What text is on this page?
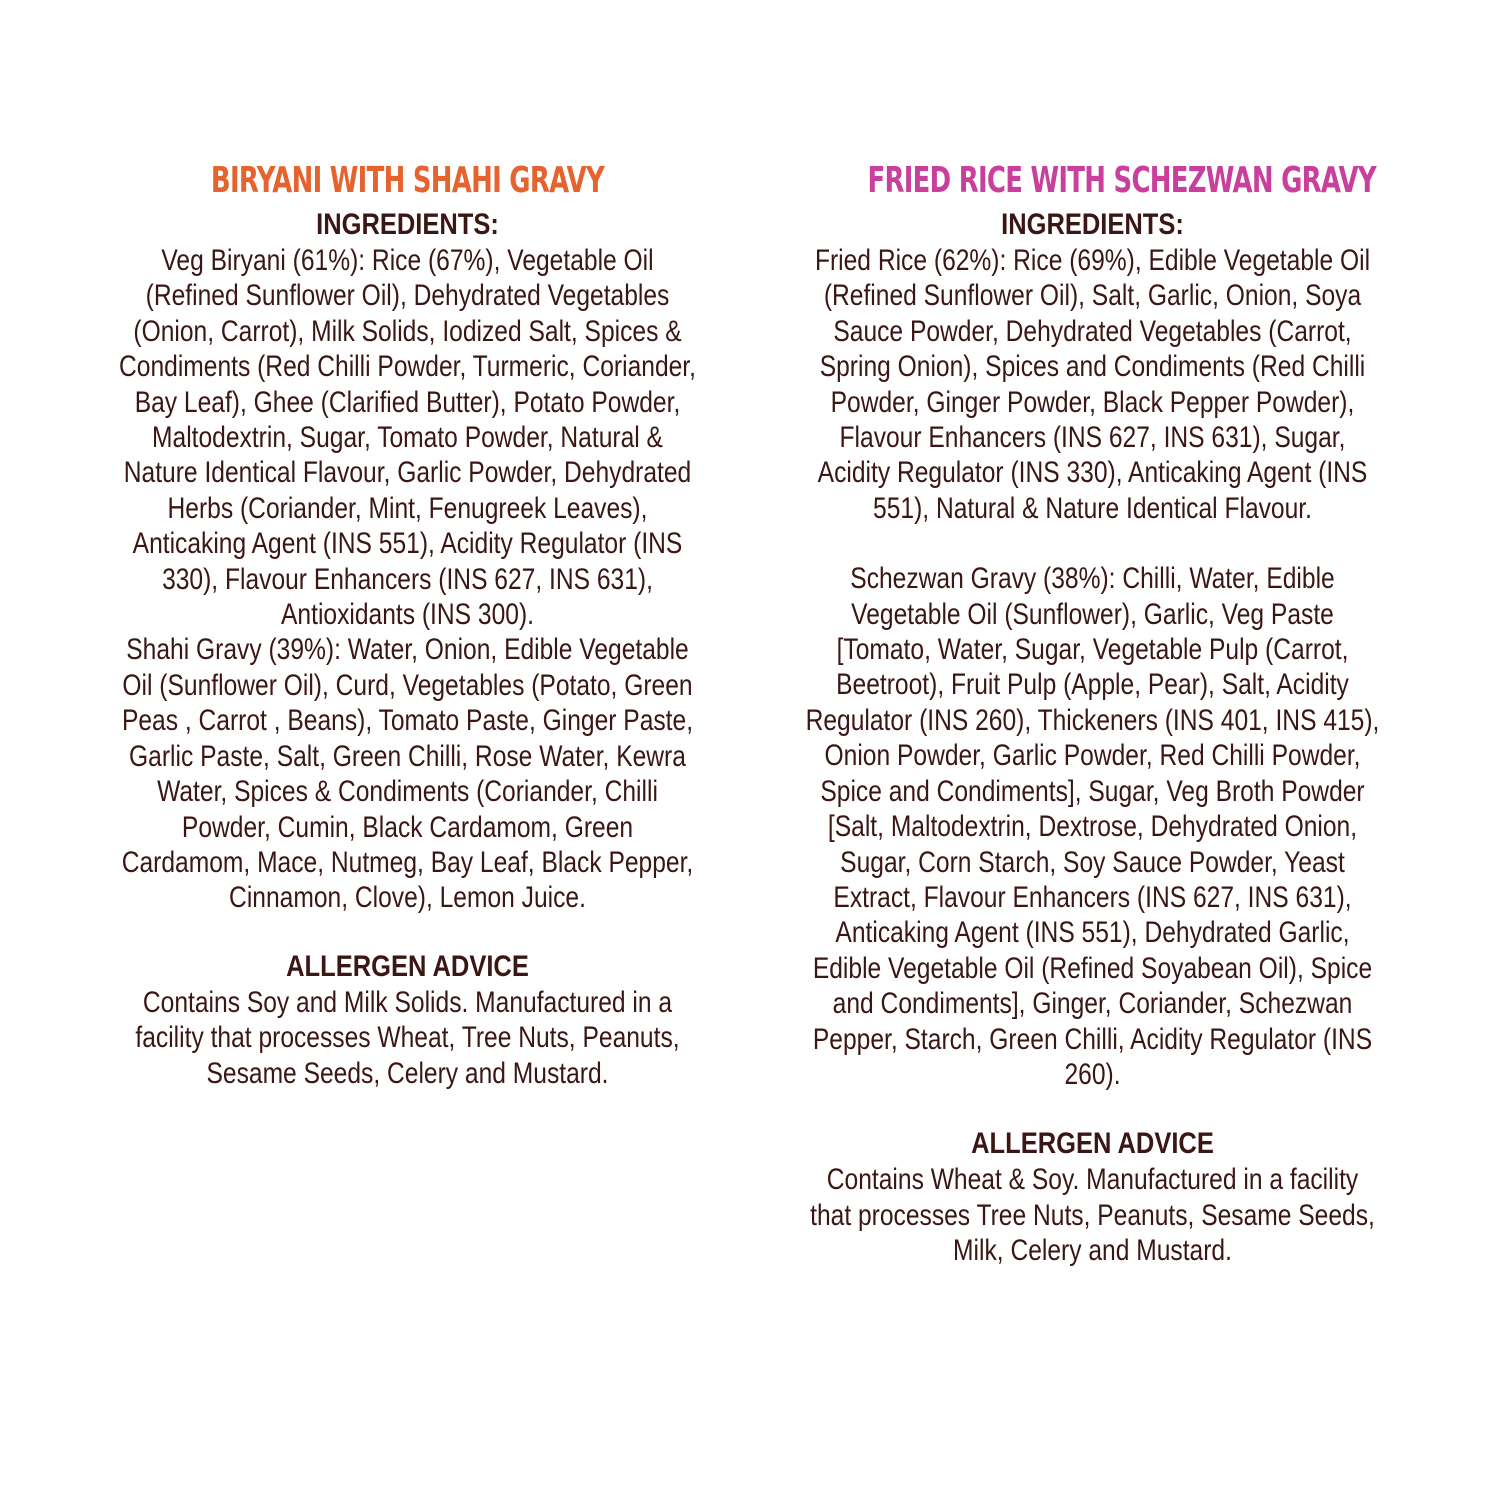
BIRYANI WITH SHAHI GRAVY
INGREDIENTS:

Veg Biryani (61%): Rice (67%), Vegetable Oil (Refined Sunflower Oil), Dehydrated Vegetables (Onion, Carrot), Milk Solids, Iodized Salt, Spices & Condiments (Red Chilli Powder, Turmeric, Coriander, Bay Leaf), Ghee (Clarified Butter), Potato Powder, Maltodextrin, Sugar, Tomato Powder, Natural & Nature Identical Flavour, Garlic Powder, Dehydrated Herbs (Coriander, Mint, Fenugreek Leaves), Anticaking Agent (INS 551), Acidity Regulator (INS 330), Flavour Enhancers (INS 627, INS 631), Antioxidants (INS 300).

Shahi Gravy (39%): Water, Onion, Edible Vegetable Oil (Sunflower Oil), Curd, Vegetables (Potato, Green Peas , Carrot , Beans), Tomato Paste, Ginger Paste, Garlic Paste, Salt, Green Chilli, Rose Water, Kewra Water, Spices & Condiments (Coriander, Chilli Powder, Cumin, Black Cardamom, Green Cardamom, Mace, Nutmeg, Bay Leaf, Black Pepper, Cinnamon, Clove), Lemon Juice.

ALLERGEN ADVICE

Contains Soy and Milk Solids. Manufactured in a facility that processes Wheat, Tree Nuts, Peanuts, Sesame Seeds, Celery and Mustard.

FRIED RICE WITH SCHEZWAN GRAVY
INGREDIENTS:

Fried Rice (62%): Rice (69%), Edible Vegetable Oil (Refined Sunflower Oil), Salt, Garlic, Onion, Soya Sauce Powder, Dehydrated Vegetables (Carrot, Spring Onion), Spices and Condiments (Red Chilli Powder, Ginger Powder, Black Pepper Powder), Flavour Enhancers (INS 627, INS 631), Sugar, Acidity Regulator (INS 330), Anticaking Agent (INS 551), Natural & Nature Identical Flavour.

Schezwan Gravy (38%): Chilli, Water, Edible Vegetable Oil (Sunflower), Garlic, Veg Paste [Tomato, Water, Sugar, Vegetable Pulp (Carrot, Beetroot), Fruit Pulp (Apple, Pear), Salt, Acidity Regulator (INS 260), Thickeners (INS 401, INS 415), Onion Powder, Garlic Powder, Red Chilli Powder, Spice and Condiments], Sugar, Veg Broth Powder [Salt, Maltodextrin, Dextrose, Dehydrated Onion, Sugar, Corn Starch, Soy Sauce Powder, Yeast Extract, Flavour Enhancers (INS 627, INS 631), Anticaking Agent (INS 551), Dehydrated Garlic, Edible Vegetable Oil (Refined Soyabean Oil), Spice and Condiments], Ginger, Coriander, Schezwan Pepper, Starch, Green Chilli, Acidity Regulator (INS 260).

ALLERGEN ADVICE

Contains Wheat & Soy. Manufactured in a facility that processes Tree Nuts, Peanuts, Sesame Seeds, Milk, Celery and Mustard.
